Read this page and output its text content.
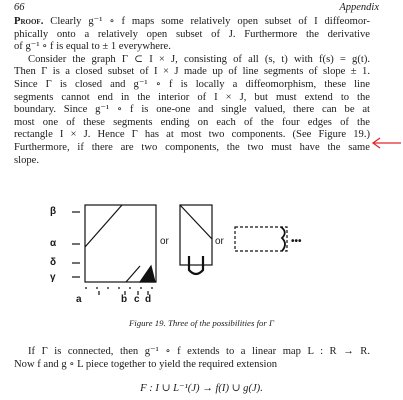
66	Appendix
Proof. Clearly g⁻¹ ∘ f maps some relatively open subset of I diffeomor-
phically onto a relatively open subset of J. Furthermore the derivative
of g⁻¹ ∘ f is equal to ± 1 everywhere.
Consider the graph Γ ⊂ I × J, consisting of all (s, t) with f(s) = g(t).
Then Γ is a closed subset of I × J made up of line segments of slope ± 1.
Since Γ is closed and g⁻¹ ∘ f is locally a diffeomorphism, these line
segments cannot end in the interior of I × J, but must extend to the
boundary. Since g⁻¹ ∘ f is one-one and single valued, there can be at
most one of these segments ending on each of the four edges of the
rectangle I × J. Hence Γ has at most two components. (See Figure 19.)
Furthermore, if there are two components, the two must have the same
slope.
β
α
δ
γ
a	b c d
or	or	•••
Figure 19. Three of the possibilities for Γ
If Γ is connected, then g⁻¹ ∘ f extends to a linear map L : R → R.
Now f and g ∘ L piece together to yield the required extension
F : I ∪ L⁻¹(J) → f(I) ∪ g(J).
